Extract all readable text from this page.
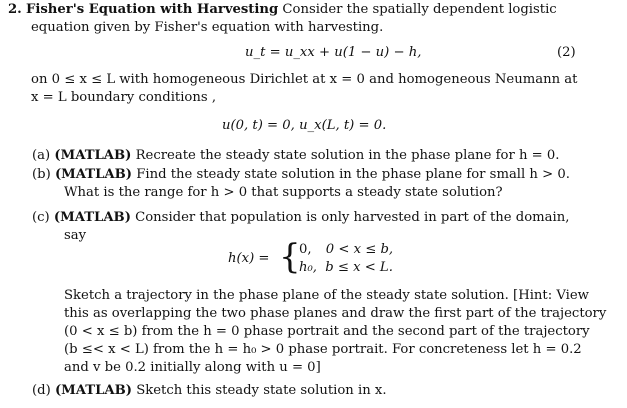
2. Fisher's Equation with Harvesting Consider the spatially dependent logistic
equation given by Fisher's equation with harvesting.
u_t = u_xx + u(1 − u) − h,	(2)
on 0 ≤ x ≤ L with homogeneous Dirichlet at x = 0 and homogeneous Neumann at
x = L boundary conditions ,
u(0, t) = 0, u_x(L, t) = 0.
(a) (MATLAB) Recreate the steady state solution in the phase plane for h = 0.
(b) (MATLAB) Find the steady state solution in the phase plane for small h > 0.
What is the range for h > 0 that supports a steady state solution?
(c) (MATLAB) Consider that population is only harvested in part of the domain,
say
h(x) = {
0, 0 < x ≤ b,
h₀, b ≤ x < L.
Sketch a trajectory in the phase plane of the steady state solution. [Hint: View
this as overlapping the two phase planes and draw the first part of the trajectory
(0 < x ≤ b) from the h = 0 phase portrait and the second part of the trajectory
(b ≤< x < L) from the h = h₀ > 0 phase portrait. For concreteness let h = 0.2
and v be 0.2 initially along with u = 0]
(d) (MATLAB) Sketch this steady state solution in x.
